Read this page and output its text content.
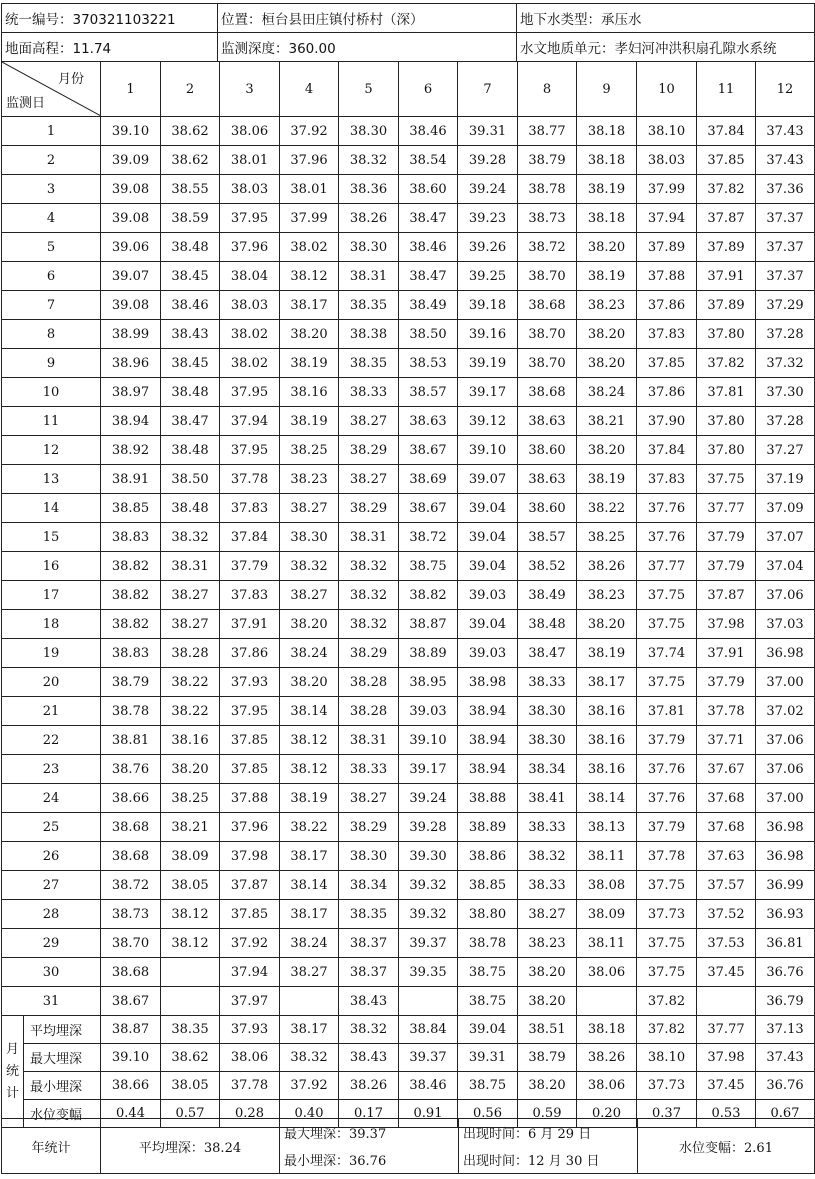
统一编号：370321103221	位置：桓台县田庄镇付桥村（深）	地下水类型：承压水
地面高程：11.74	监测深度：360.00	水文地质单元：孝妇河冲洪积扇孔隙水系统
月份
监测日		1	2	3	4	5	6	7	8	9	10	11	12
1		39.10	38.62	38.06	37.92	38.30	38.46	39.31	38.77	38.18	38.10	37.84	37.43
2		39.09	38.62	38.01	37.96	38.32	38.54	39.28	38.79	38.18	38.03	37.85	37.43
3		39.08	38.55	38.03	38.01	38.36	38.60	39.24	38.78	38.19	37.99	37.82	37.36
4		39.08	38.59	37.95	37.99	38.26	38.47	39.23	38.73	38.18	37.94	37.87	37.37
5		39.06	38.48	37.96	38.02	38.30	38.46	39.26	38.72	38.20	37.89	37.89	37.37
6		39.07	38.45	38.04	38.12	38.31	38.47	39.25	38.70	38.19	37.88	37.91	37.37
7		39.08	38.46	38.03	38.17	38.35	38.49	39.18	38.68	38.23	37.86	37.89	37.29
8		38.99	38.43	38.02	38.20	38.38	38.50	39.16	38.70	38.20	37.83	37.80	37.28
9		38.96	38.45	38.02	38.19	38.35	38.53	39.19	38.70	38.20	37.85	37.82	37.32
10		38.97	38.48	37.95	38.16	38.33	38.57	39.17	38.68	38.24	37.86	37.81	37.30
11		38.94	38.47	37.94	38.19	38.27	38.63	39.12	38.63	38.21	37.90	37.80	37.28
12		38.92	38.48	37.95	38.25	38.29	38.67	39.10	38.60	38.20	37.84	37.80	37.27
13		38.91	38.50	37.78	38.23	38.27	38.69	39.07	38.63	38.19	37.83	37.75	37.19
14		38.85	38.48	37.83	38.27	38.29	38.67	39.04	38.60	38.22	37.76	37.77	37.09
15		38.83	38.32	37.84	38.30	38.31	38.72	39.04	38.57	38.25	37.76	37.79	37.07
16		38.82	38.31	37.79	38.32	38.32	38.75	39.04	38.52	38.26	37.77	37.79	37.04
17		38.82	38.27	37.83	38.27	38.32	38.82	39.03	38.49	38.23	37.75	37.87	37.06
18		38.82	38.27	37.91	38.20	38.32	38.87	39.04	38.48	38.20	37.75	37.98	37.03
19		38.83	38.28	37.86	38.24	38.29	38.89	39.03	38.47	38.19	37.74	37.91	36.98
20		38.79	38.22	37.93	38.20	38.28	38.95	38.98	38.33	38.17	37.75	37.79	37.00
21		38.78	38.22	37.95	38.14	38.28	39.03	38.94	38.30	38.16	37.81	37.78	37.02
22		38.81	38.16	37.85	38.12	38.31	39.10	38.94	38.30	38.16	37.79	37.71	37.06
23		38.76	38.20	37.85	38.12	38.33	39.17	38.94	38.34	38.16	37.76	37.67	37.06
24		38.66	38.25	37.88	38.19	38.27	39.24	38.88	38.41	38.14	37.76	37.68	37.00
25		38.68	38.21	37.96	38.22	38.29	39.28	38.89	38.33	38.13	37.79	37.68	36.98
26		38.68	38.09	37.98	38.17	38.30	39.30	38.86	38.32	38.11	37.78	37.63	36.98
27		38.72	38.05	37.87	38.14	38.34	39.32	38.85	38.33	38.08	37.75	37.57	36.99
28		38.73	38.12	37.85	38.17	38.35	39.32	38.80	38.27	38.09	37.73	37.52	36.93
29		38.70	38.12	37.92	38.24	38.37	39.37	38.78	38.23	38.11	37.75	37.53	36.81
30		38.68		37.94	38.27	38.37	39.35	38.75	38.20	38.06	37.75	37.45	36.76
31		38.67		37.97		38.43		38.75	38.20		37.82		36.79

月
统
计	平均埋深	38.87	38.35	37.93	38.17	38.32	38.84	39.04	38.51	38.18	37.82	37.77	37.13
	最大埋深	39.10	38.62	38.06	38.32	38.43	39.37	39.31	38.79	38.26	38.10	37.98	37.43
	最小埋深	38.66	38.05	37.78	37.92	38.26	38.46	38.75	38.20	38.06	37.73	37.45	36.76
	水位变幅	0.44	0.57	0.28	0.40	0.17	0.91	0.56	0.59	0.20	0.37	0.53	0.67
年统计	平均埋深：38.24	最大埋深：39.37	出现时间：6 月 29 日	水位变幅：2.61
		最小埋深：36.76	出现时间：12 月 30 日	
